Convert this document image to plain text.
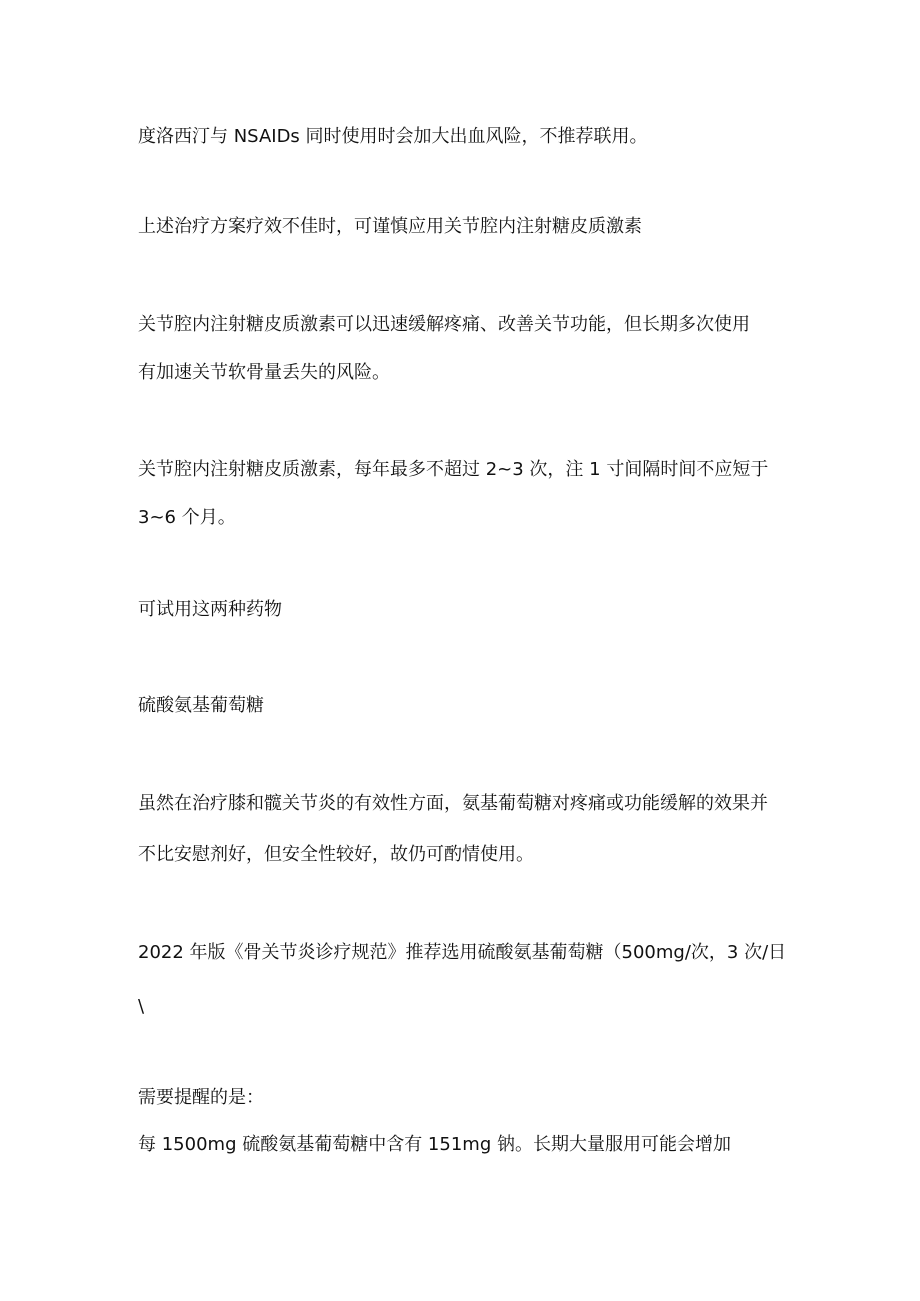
度洛西汀与 NSAIDs 同时使用时会加大出血风险，不推荐联用。
上述治疗方案疗效不佳时，可谨慎应用关节腔内注射糖皮质激素
关节腔内注射糖皮质激素可以迅速缓解疼痛、改善关节功能，但长期多次使用
有加速关节软骨量丢失的风险。
关节腔内注射糖皮质激素，每年最多不超过 2~3 次，注 1 寸间隔时间不应短于
3~6 个月。
可试用这两种药物
硫酸氨基葡萄糖
虽然在治疗膝和髋关节炎的有效性方面，氨基葡萄糖对疼痛或功能缓解的效果并
不比安慰剂好，但安全性较好，故仍可酌情使用。
2022 年版《骨关节炎诊疗规范》推荐选用硫酸氨基葡萄糖（500mg/次，3 次/日
\
需要提醒的是：
每 1500mg 硫酸氨基葡萄糖中含有 151mg 钠。长期大量服用可能会增加
